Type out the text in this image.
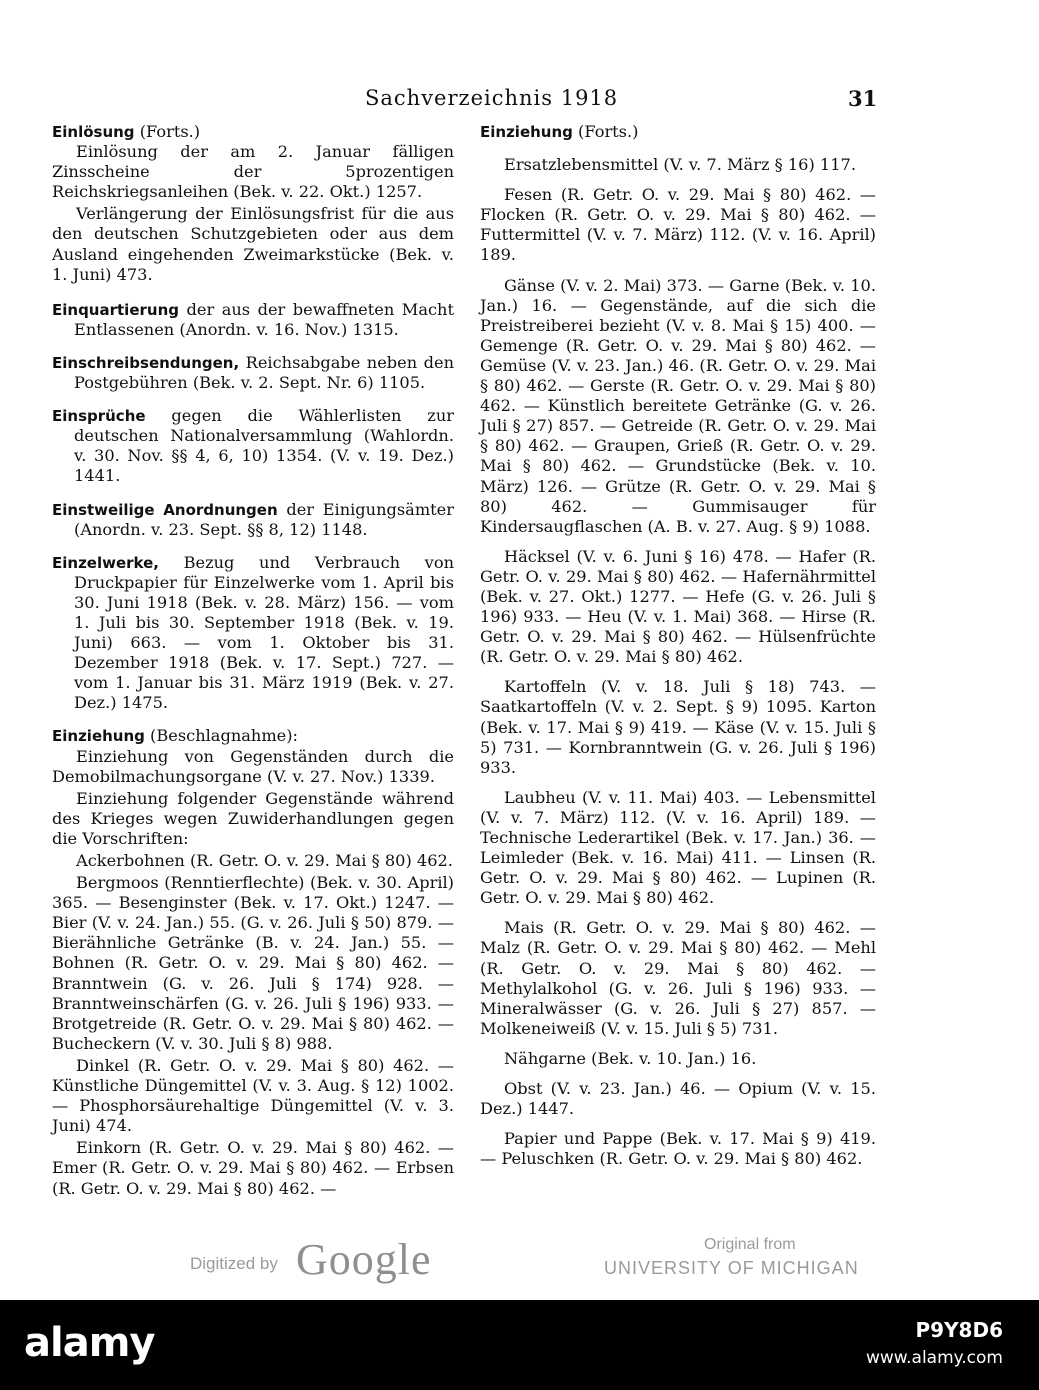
Sachverzeichnis 1918	31
Einlösung (Forts.)
Einlösung der am 2. Januar fälligen Zinsscheine der 5prozentigen Reichskriegsanleihen (Bek. v. 22. Okt.) 1257.
Verlängerung der Einlösungsfrist für die aus den deutschen Schutzgebieten oder aus dem Ausland eingehenden Zweimarkstücke (Bek. v. 1. Juni) 473.
Einquartierung der aus der bewaffneten Macht Entlassenen (Anordn. v. 16. Nov.) 1315.
Einschreibsendungen, Reichsabgabe neben den Postgebühren (Bek. v. 2. Sept. Nr. 6) 1105.
Einsprüche gegen die Wählerlisten zur deutschen Nationalversammlung (Wahlordn. v. 30. Nov. §§ 4, 6, 10) 1354. (V. v. 19. Dez.) 1441.
Einstweilige Anordnungen der Einigungsämter (Anordn. v. 23. Sept. §§ 8, 12) 1148.
Einzelwerke, Bezug und Verbrauch von Druckpapier für Einzelwerke vom 1. April bis 30. Juni 1918 (Bek. v. 28. März) 156. — vom 1. Juli bis 30. September 1918 (Bek. v. 19. Juni) 663. — vom 1. Oktober bis 31. Dezember 1918 (Bek. v. 17. Sept.) 727. — vom 1. Januar bis 31. März 1919 (Bek. v. 27. Dez.) 1475.
Einziehung (Beschlagnahme):
Einziehung von Gegenständen durch die Demobilmachungsorgane (V. v. 27. Nov.) 1339.
Einziehung folgender Gegenstände während des Krieges wegen Zuwiderhandlungen gegen die Vorschriften:
Ackerbohnen (R. Getr. O. v. 29. Mai § 80) 462.
Bergmoos (Renntierflechte) (Bek. v. 30. April) 365. — Besenginster (Bek. v. 17. Okt.) 1247. — Bier (V. v. 24. Jan.) 55. (G. v. 26. Juli § 50) 879. — Bierähnliche Getränke (B. v. 24. Jan.) 55. — Bohnen (R. Getr. O. v. 29. Mai § 80) 462. — Branntwein (G. v. 26. Juli § 174) 928. — Branntweinschärfen (G. v. 26. Juli § 196) 933. — Brotgetreide (R. Getr. O. v. 29. Mai § 80) 462. — Bucheckern (V. v. 30. Juli § 8) 988.
Dinkel (R. Getr. O. v. 29. Mai § 80) 462. — Künstliche Düngemittel (V. v. 3. Aug. § 12) 1002. — Phosphorsäurehaltige Düngemittel (V. v. 3. Juni) 474.
Einkorn (R. Getr. O. v. 29. Mai § 80) 462. — Emer (R. Getr. O. v. 29. Mai § 80) 462. — Erbsen (R. Getr. O. v. 29. Mai § 80) 462. —
Einziehung (Forts.)
Ersatzlebensmittel (V. v. 7. März § 16) 117.
Fesen (R. Getr. O. v. 29. Mai § 80) 462. — Flocken (R. Getr. O. v. 29. Mai § 80) 462. — Futtermittel (V. v. 7. März) 112. (V. v. 16. April) 189.
Gänse (V. v. 2. Mai) 373. — Garne (Bek. v. 10. Jan.) 16. — Gegenstände, auf die sich die Preistreiberei bezieht (V. v. 8. Mai § 15) 400. — Gemenge (R. Getr. O. v. 29. Mai § 80) 462. — Gemüse (V. v. 23. Jan.) 46. (R. Getr. O. v. 29. Mai § 80) 462. — Gerste (R. Getr. O. v. 29. Mai § 80) 462. — Künstlich bereitete Getränke (G. v. 26. Juli § 27) 857. — Getreide (R. Getr. O. v. 29. Mai § 80) 462. — Graupen, Grieß (R. Getr. O. v. 29. Mai § 80) 462. — Grundstücke (Bek. v. 10. März) 126. — Grütze (R. Getr. O. v. 29. Mai § 80) 462. — Gummisauger für Kindersaugflaschen (A. B. v. 27. Aug. § 9) 1088.
Häcksel (V. v. 6. Juni § 16) 478. — Hafer (R. Getr. O. v. 29. Mai § 80) 462. — Hafernährmittel (Bek. v. 27. Okt.) 1277. — Hefe (G. v. 26. Juli § 196) 933. — Heu (V. v. 1. Mai) 368. — Hirse (R. Getr. O. v. 29. Mai § 80) 462. — Hülsenfrüchte (R. Getr. O. v. 29. Mai § 80) 462.
Kartoffeln (V. v. 18. Juli § 18) 743. — Saatkartoffeln (V. v. 2. Sept. § 9) 1095. Karton (Bek. v. 17. Mai § 9) 419. — Käse (V. v. 15. Juli § 5) 731. — Kornbranntwein (G. v. 26. Juli § 196) 933.
Laubheu (V. v. 11. Mai) 403. — Lebensmittel (V. v. 7. März) 112. (V. v. 16. April) 189. — Technische Lederartikel (Bek. v. 17. Jan.) 36. — Leimleder (Bek. v. 16. Mai) 411. — Linsen (R. Getr. O. v. 29. Mai § 80) 462. — Lupinen (R. Getr. O. v. 29. Mai § 80) 462.
Mais (R. Getr. O. v. 29. Mai § 80) 462. — Malz (R. Getr. O. v. 29. Mai § 80) 462. — Mehl (R. Getr. O. v. 29. Mai § 80) 462. — Methylalkohol (G. v. 26. Juli § 196) 933. — Mineralwässer (G. v. 26. Juli § 27) 857. — Molkeneiweiß (V. v. 15. Juli § 5) 731.
Nähgarne (Bek. v. 10. Jan.) 16.
Obst (V. v. 23. Jan.) 46. — Opium (V. v. 15. Dez.) 1447.
Papier und Pappe (Bek. v. 17. Mai § 9) 419. — Peluschken (R. Getr. O. v. 29. Mai § 80) 462.
Digitized by Google	Original from
UNIVERSITY OF MICHIGAN
alamy	P9Y8D6
www.alamy.com
